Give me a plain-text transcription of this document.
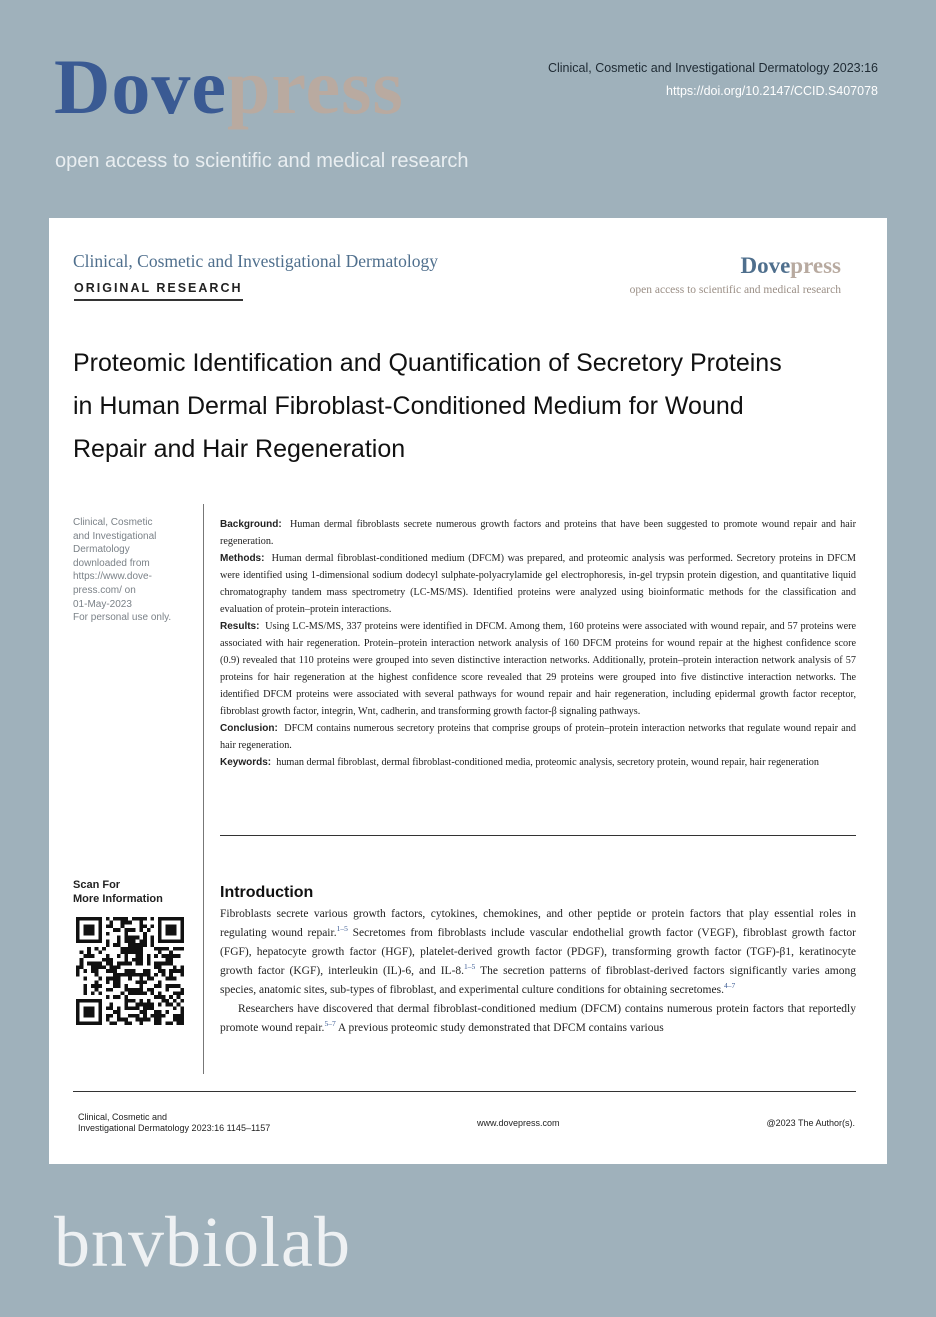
Dovepress
open access to scientific and medical research
Clinical, Cosmetic and Investigational Dermatology 2023:16
https://doi.org/10.2147/CCID.S407078
Clinical, Cosmetic and Investigational Dermatology
ORIGINAL RESEARCH
Dovepress
open access to scientific and medical research
Proteomic Identification and Quantification of Secretory Proteins
in Human Dermal Fibroblast-Conditioned Medium for Wound
Repair and Hair Regeneration
Clinical, Cosmetic
and Investigational
Dermatology
downloaded from
https://www.dove-
press.com/ on
01-May-2023
For personal use only.

Background: Human dermal fibroblasts secrete numerous growth factors and proteins that have been suggested to promote wound repair and hair regeneration.

Methods: Human dermal fibroblast-conditioned medium (DFCM) was prepared, and proteomic analysis was performed. Secretory proteins in DFCM were identified using 1-dimensional sodium dodecyl sulphate-polyacrylamide gel electrophoresis, in-gel trypsin protein digestion, and quantitative liquid chromatography tandem mass spectrometry (LC-MS/MS). Identified proteins were analyzed using bioinformatic methods for the classification and evaluation of protein–protein interactions.

Results: Using LC-MS/MS, 337 proteins were identified in DFCM. Among them, 160 proteins were associated with wound repair, and 57 proteins were associated with hair regeneration. Protein–protein interaction network analysis of 160 DFCM proteins for wound repair at the highest confidence score (0.9) revealed that 110 proteins were grouped into seven distinctive interaction networks. Additionally, protein–protein interaction network analysis of 57 proteins for hair regeneration at the highest confidence score revealed that 29 proteins were grouped into five distinctive interaction networks. The identified DFCM proteins were associated with several pathways for wound repair and hair regeneration, including epidermal growth factor receptor, fibroblast growth factor, integrin, Wnt, cadherin, and transforming growth factor-β signaling pathways.

Conclusion: DFCM contains numerous secretory proteins that comprise groups of protein–protein interaction networks that regulate wound repair and hair regeneration.

Keywords: human dermal fibroblast, dermal fibroblast-conditioned media, proteomic analysis, secretory protein, wound repair, hair regeneration

Scan For
More Information	Introduction

Fibroblasts secrete various growth factors, cytokines, chemokines, and other peptide or protein factors that play essential roles in regulating wound repair.$^{1-5}$ Secretomes from fibroblasts include vascular endothelial growth factor (VEGF), fibroblast growth factor (FGF), hepatocyte growth factor (HGF), platelet-derived growth factor (PDGF), transforming growth factor (TGF)-β1, keratinocyte growth factor (KGF), interleukin (IL)-6, and IL-8.$^{1-5}$ The secretion patterns of fibroblast-derived factors significantly varies among species, anatomic sites, sub-types of fibroblast, and experimental culture conditions for obtaining secretomes.$^{4-7}$

Researchers have discovered that dermal fibroblast-conditioned medium (DFCM) contains numerous protein factors that reportedly promote wound repair.$^{5-7}$ A previous proteomic study demonstrated that DFCM contains various

Clinical, Cosmetic and
Investigational Dermatology 2023:16 1145–1157	www.dovepress.com	@2023 The Author(s).
bnvbiolab
